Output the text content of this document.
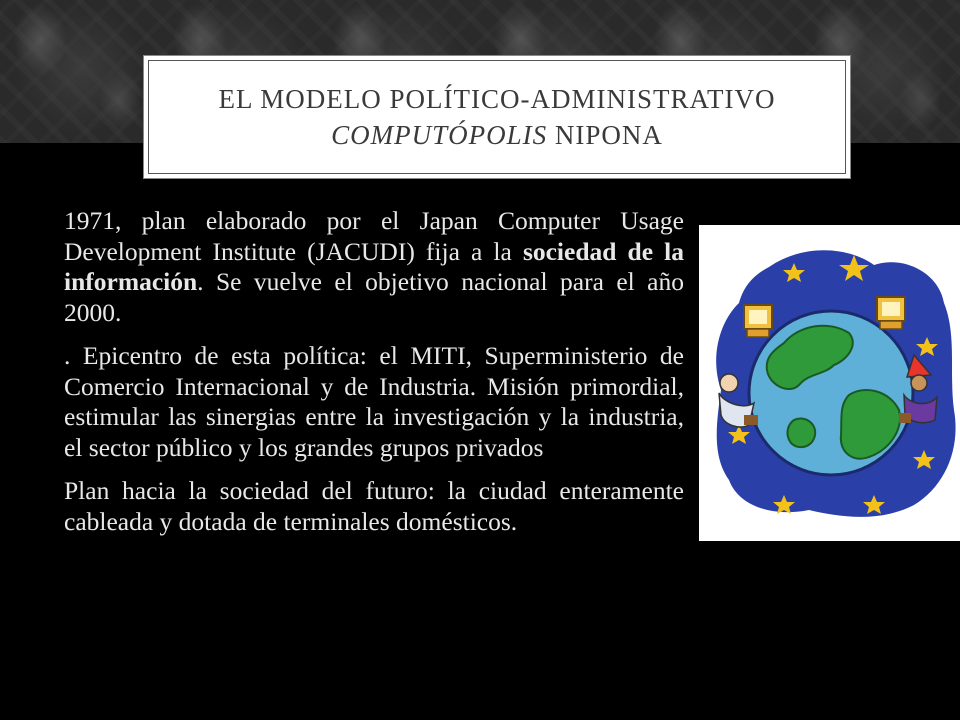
EL MODELO POLÍTICO-ADMINISTRATIVO
COMPUTÓPOLIS NIPONA

1971, plan elaborado por el Japan Computer Usage Development Institute (JACUDI) fija a la sociedad de la información. Se vuelve el objetivo nacional para el año 2000.

. Epicentro de esta política: el MITI, Superministerio de Comercio Internacional y de Industria. Misión primordial, estimular las sinergias entre la investigación y la industria, el sector público y los grandes grupos privados

Plan hacia la sociedad del futuro: la ciudad enteramente cableada y dotada de terminales domésticos.
